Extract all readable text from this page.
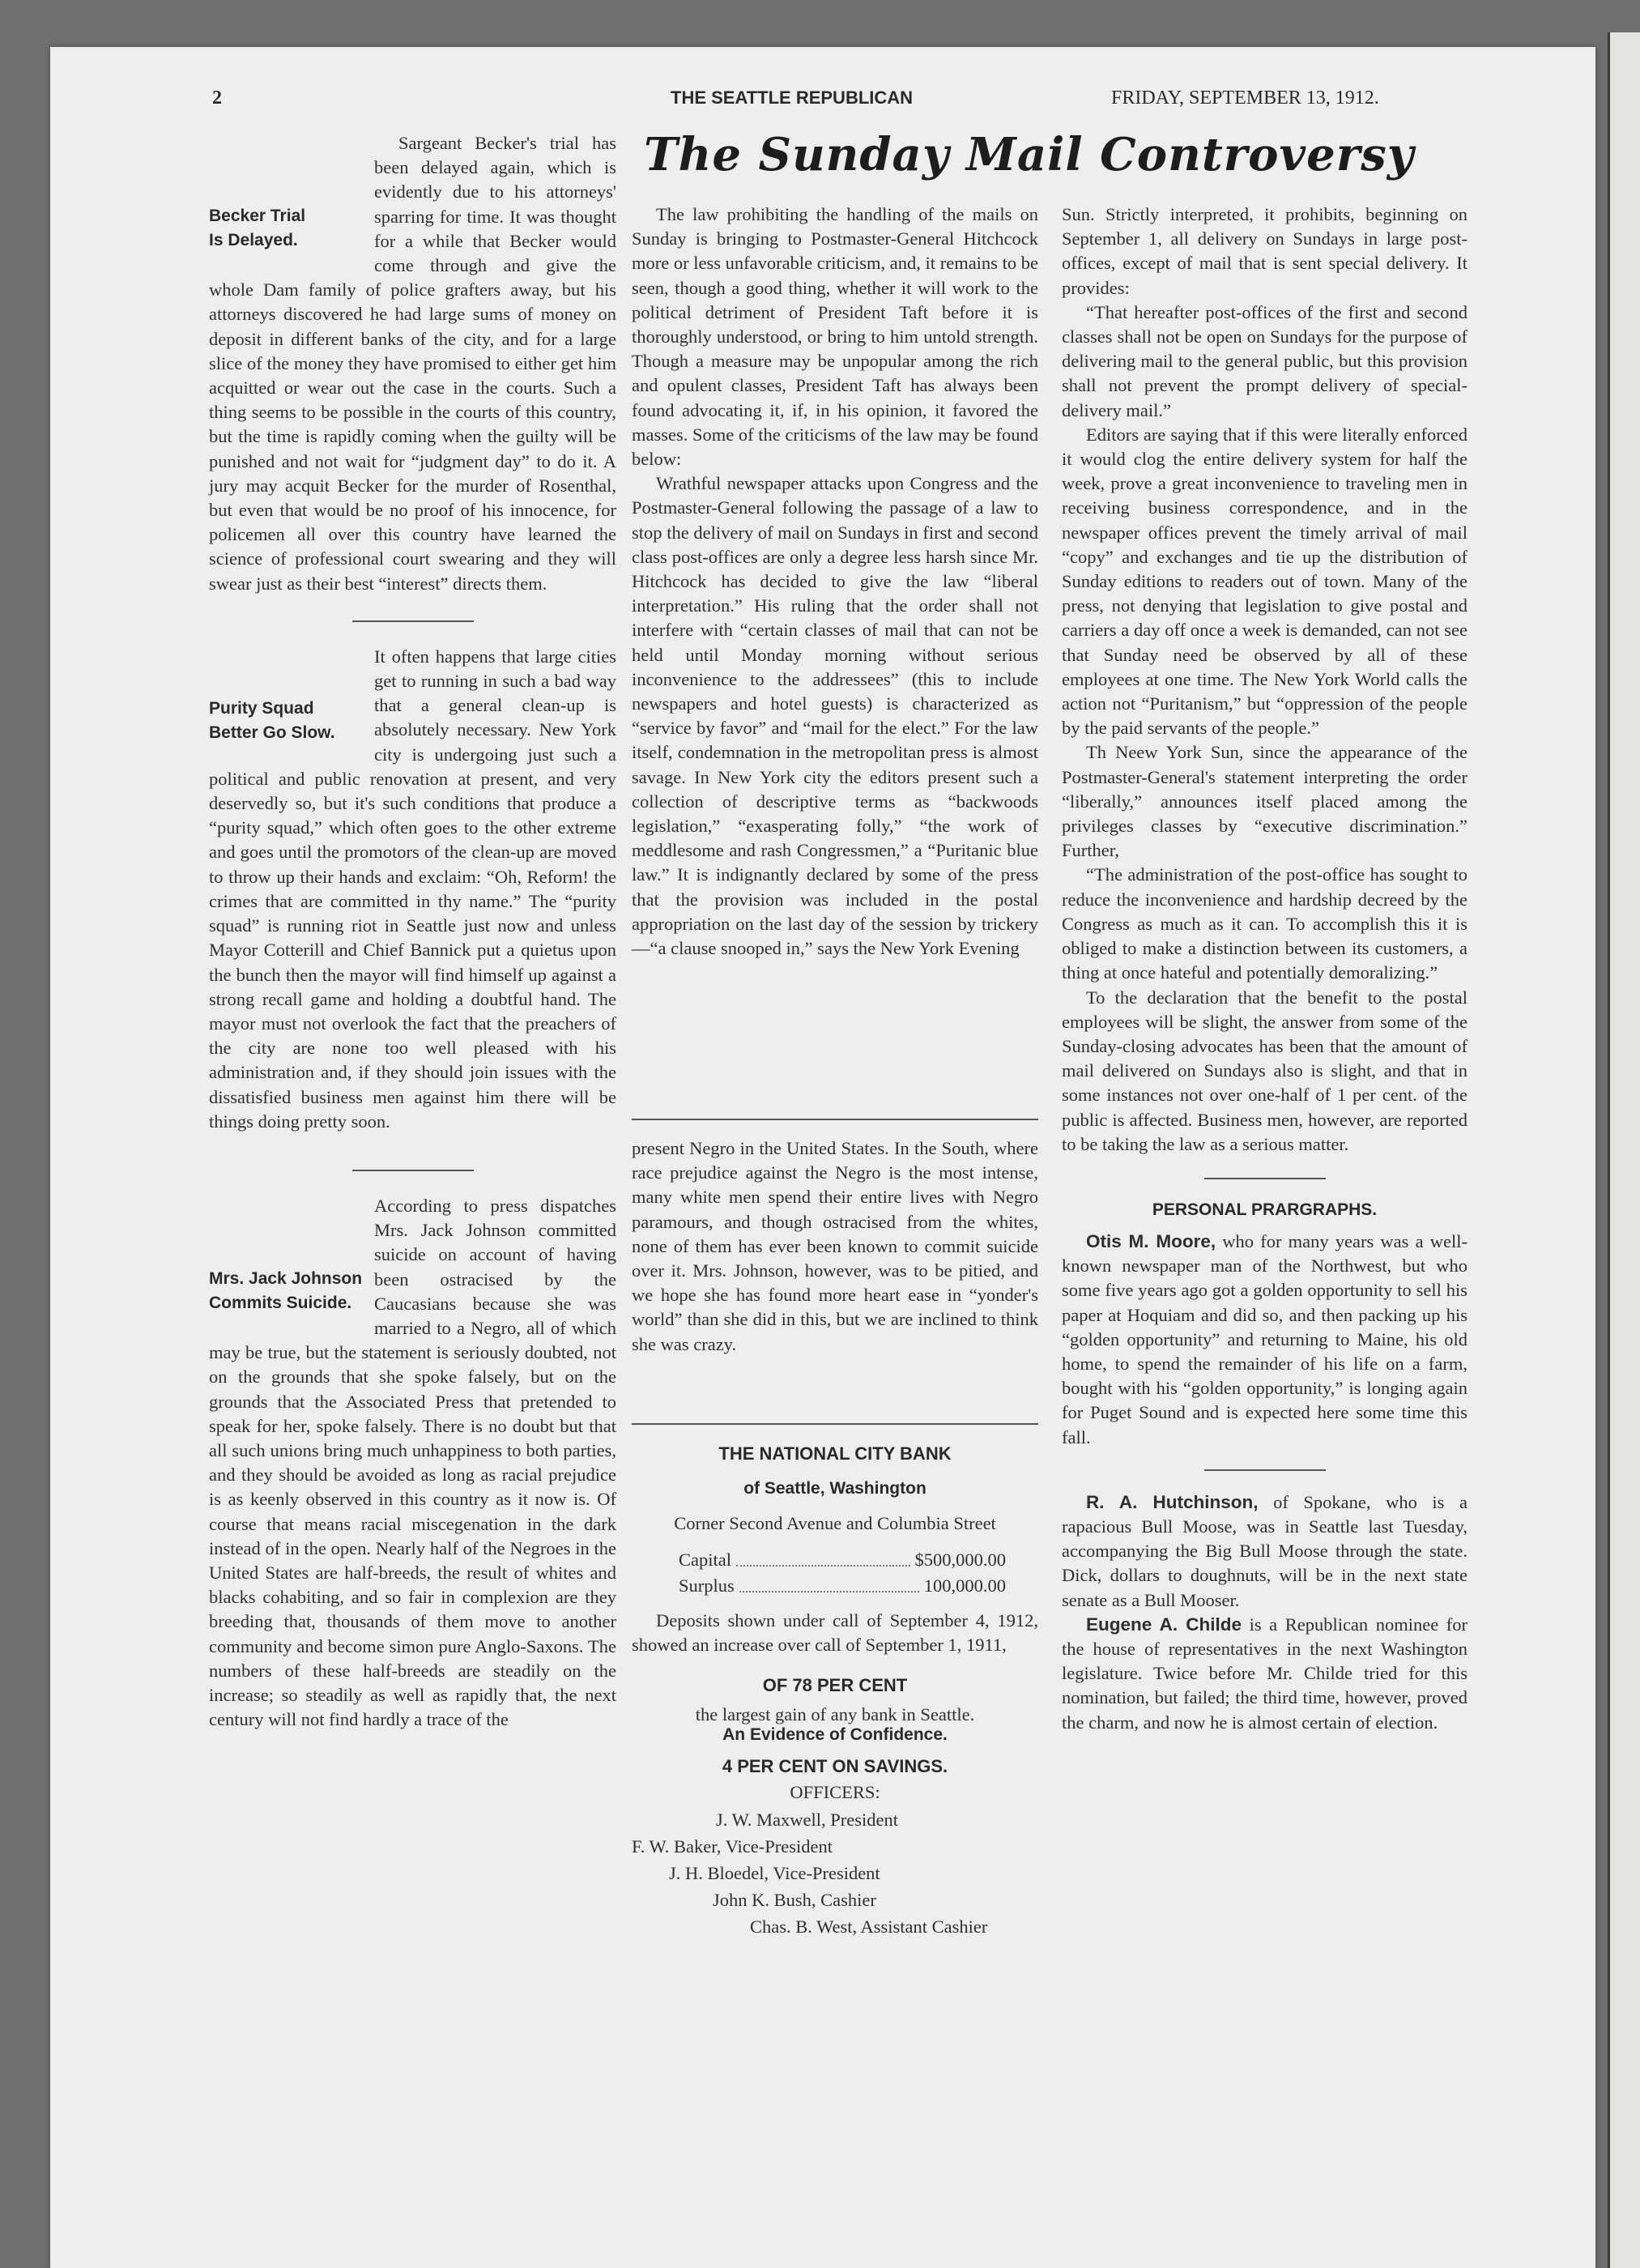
2	THE SEATTLE REPUBLICAN	FRIDAY, SEPTEMBER 13, 1912.
Becker Trial
Is Delayed.

Sargeant Becker's trial has been delayed again, which is evidently due to his attorneys' sparring for time. It was thought for a while that Becker would come through and give the whole Dam family of police grafters away, but his attorneys discovered he had large sums of money on deposit in different banks of the city, and for a large slice of the money they have promised to either get him acquitted or wear out the case in the courts. Such a thing seems to be possible in the courts of this country, but the time is rapidly coming when the guilty will be punished and not wait for “judgment day” to do it. A jury may acquit Becker for the murder of Rosenthal, but even that would be no proof of his innocence, for policemen all over this country have learned the science of professional court swearing and they will swear just as their best “interest” directs them.

Purity Squad
Better Go Slow.

It often happens that large cities get to running in such a bad way that a general clean-up is absolutely necessary. New York city is undergoing just such a political and public renovation at present, and very deservedly so, but it's such conditions that produce a “purity squad,” which often goes to the other extreme and goes until the promotors of the clean-up are moved to throw up their hands and exclaim: “Oh, Reform! the crimes that are committed in thy name.” The “purity squad” is running riot in Seattle just now and unless Mayor Cotterill and Chief Bannick put a quietus upon the bunch then the mayor will find himself up against a strong recall game and holding a doubtful hand. The mayor must not overlook the fact that the preachers of the city are none too well pleased with his administration and, if they should join issues with the dissatisfied business men against him there will be things doing pretty soon.

Mrs. Jack Johnson
Commits Suicide.

According to press dispatches Mrs. Jack Johnson committed suicide on account of having been ostracised by the Caucasians because she was married to a Negro, all of which may be true, but the statement is seriously doubted, not on the grounds that she spoke falsely, but on the grounds that the Associated Press that pretended to speak for her, spoke falsely. There is no doubt but that all such unions bring much unhappiness to both parties, and they should be avoided as long as racial prejudice is as keenly observed in this country as it now is. Of course that means racial miscegenation in the dark instead of in the open. Nearly half of the Negroes in the United States are half-breeds, the result of whites and blacks cohabiting, and so fair in complexion are they breeding that, thousands of them move to another community and become simon pure Anglo-Saxons. The numbers of these half-breeds are steadily on the increase; so steadily as well as rapidly that, the next century will not find hardly a trace of the

The Sunday Mail Controversy

The law prohibiting the handling of the mails on Sunday is bringing to Postmaster-General Hitchcock more or less unfavorable criticism, and, it remains to be seen, though a good thing, whether it will work to the political detriment of President Taft before it is thoroughly understood, or bring to him untold strength. Though a measure may be unpopular among the rich and opulent classes, President Taft has always been found advocating it, if, in his opinion, it favored the masses. Some of the criticisms of the law may be found below:

Wrathful newspaper attacks upon Congress and the Postmaster-General following the passage of a law to stop the delivery of mail on Sundays in first and second class post-offices are only a degree less harsh since Mr. Hitchcock has decided to give the law “liberal interpretation.” His ruling that the order shall not interfere with “certain classes of mail that can not be held until Monday morning without serious inconvenience to the addressees” (this to include newspapers and hotel guests) is characterized as “service by favor” and “mail for the elect.” For the law itself, condemnation in the metropolitan press is almost savage. In New York city the editors present such a collection of descriptive terms as “backwoods legislation,” “exasperating folly,” “the work of meddlesome and rash Congressmen,” a “Puritanic blue law.” It is indignantly declared by some of the press that the provision was included in the postal appropriation on the last day of the session by trickery—“a clause snooped in,” says the New York Evening

present Negro in the United States. In the South, where race prejudice against the Negro is the most intense, many white men spend their entire lives with Negro paramours, and though ostracised from the whites, none of them has ever been known to commit suicide over it. Mrs. Johnson, however, was to be pitied, and we hope she has found more heart ease in “yonder's world” than she did in this, but we are inclined to think she was crazy.

THE NATIONAL CITY BANK

of Seattle, Washington

Corner Second Avenue and Columbia Street

Capital	$500,000.00
Surplus	100,000.00

Deposits shown under call of September 4, 1912, showed an increase over call of September 1, 1911,

OF 78 PER CENT

the largest gain of any bank in Seattle.

An Evidence of Confidence.

4 PER CENT ON SAVINGS.

OFFICERS:

J. W. Maxwell, President
F. W. Baker, Vice-President
J. H. Bloedel, Vice-President
John K. Bush, Cashier
Chas. B. West, Assistant Cashier

Sun. Strictly interpreted, it prohibits, beginning on September 1, all delivery on Sundays in large post-offices, except of mail that is sent special delivery. It provides:

“That hereafter post-offices of the first and second classes shall not be open on Sundays for the purpose of delivering mail to the general public, but this provision shall not prevent the prompt delivery of special-delivery mail.”

Editors are saying that if this were literally enforced it would clog the entire delivery system for half the week, prove a great inconvenience to traveling men in receiving business correspondence, and in the newspaper offices prevent the timely arrival of mail “copy” and exchanges and tie up the distribution of Sunday editions to readers out of town. Many of the press, not denying that legislation to give postal and carriers a day off once a week is demanded, can not see that Sunday need be observed by all of these employees at one time. The New York World calls the action not “Puritanism,” but “oppression of the people by the paid servants of the people.”

Th Neew York Sun, since the appearance of the Postmaster-General's statement interpreting the order “liberally,” announces itself placed among the privileges classes by “executive discrimination.” Further,

“The administration of the post-office has sought to reduce the inconvenience and hardship decreed by the Congress as much as it can. To accomplish this it is obliged to make a distinction between its customers, a thing at once hateful and potentially demoralizing.”

To the declaration that the benefit to the postal employees will be slight, the answer from some of the Sunday-closing advocates has been that the amount of mail delivered on Sundays also is slight, and that in some instances not over one-half of 1 per cent. of the public is affected. Business men, however, are reported to be taking the law as a serious matter.

PERSONAL PRARGRAPHS.

Otis M. Moore, who for many years was a well-known newspaper man of the Northwest, but who some five years ago got a golden opportunity to sell his paper at Hoquiam and did so, and then packing up his “golden opportunity” and returning to Maine, his old home, to spend the remainder of his life on a farm, bought with his “golden opportunity,” is longing again for Puget Sound and is expected here some time this fall.

R. A. Hutchinson, of Spokane, who is a rapacious Bull Moose, was in Seattle last Tuesday, accompanying the Big Bull Moose through the state. Dick, dollars to doughnuts, will be in the next state senate as a Bull Mooser.

Eugene A. Childe is a Republican nominee for the house of representatives in the next Washington legislature. Twice before Mr. Childe tried for this nomination, but failed; the third time, however, proved the charm, and now he is almost certain of election.
